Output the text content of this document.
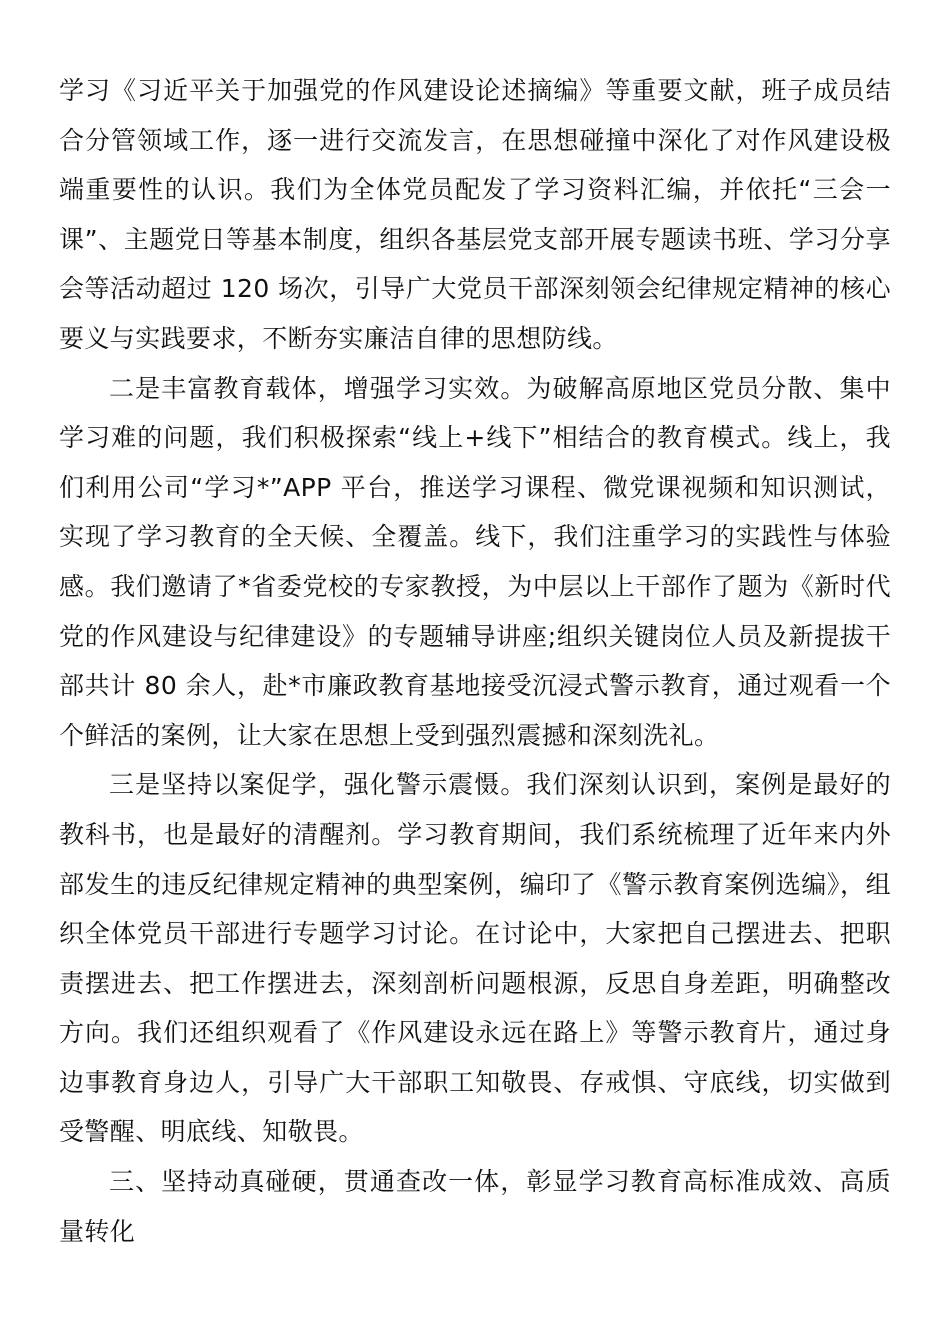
学习《习近平关于加强党的作风建设论述摘编》等重要文献，班子成员结合分管领域工作，逐一进行交流发言，在思想碰撞中深化了对作风建设极端重要性的认识。我们为全体党员配发了学习资料汇编，并依托“三会一课”、主题党日等基本制度，组织各基层党支部开展专题读书班、学习分享会等活动超过 120 场次，引导广大党员干部深刻领会纪律规定精神的核心要义与实践要求，不断夯实廉洁自律的思想防线。

二是丰富教育载体，增强学习实效。为破解高原地区党员分散、集中学习难的问题，我们积极探索“线上+线下”相结合的教育模式。线上，我们利用公司“学习*”APP 平台，推送学习课程、微党课视频和知识测试，实现了学习教育的全天候、全覆盖。线下，我们注重学习的实践性与体验感。我们邀请了*省委党校的专家教授，为中层以上干部作了题为《新时代党的作风建设与纪律建设》的专题辅导讲座;组织关键岗位人员及新提拔干部共计 80 余人，赴*市廉政教育基地接受沉浸式警示教育，通过观看一个个鲜活的案例，让大家在思想上受到强烈震撼和深刻洗礼。

三是坚持以案促学，强化警示震慑。我们深刻认识到，案例是最好的教科书，也是最好的清醒剂。学习教育期间，我们系统梳理了近年来内外部发生的违反纪律规定精神的典型案例，编印了《警示教育案例选编》，组织全体党员干部进行专题学习讨论。在讨论中，大家把自己摆进去、把职责摆进去、把工作摆进去，深刻剖析问题根源，反思自身差距，明确整改方向。我们还组织观看了《作风建设永远在路上》等警示教育片，通过身边事教育身边人，引导广大干部职工知敬畏、存戒惧、守底线，切实做到受警醒、明底线、知敬畏。

三、坚持动真碰硬，贯通查改一体，彰显学习教育高标准成效、高质量转化
